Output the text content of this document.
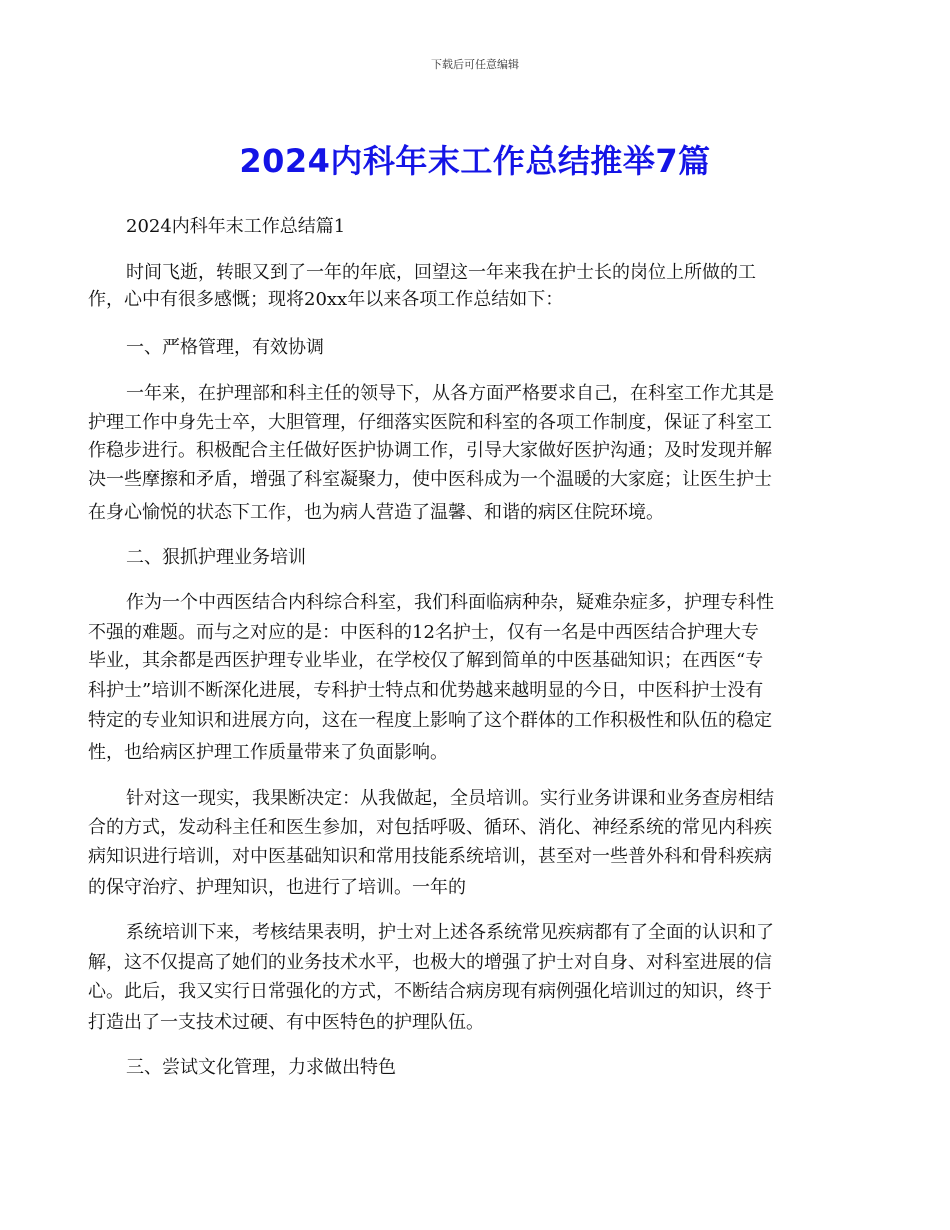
下载后可任意编辑
2024内科年末工作总结推举7篇
2024内科年末工作总结篇1
时间飞逝，转眼又到了一年的年底，回望这一年来我在护士长的岗位上所做的工
作，心中有很多感慨；现将20xx年以来各项工作总结如下：
一、严格管理，有效协调
一年来，在护理部和科主任的领导下，从各方面严格要求自己，在科室工作尤其是
护理工作中身先士卒，大胆管理，仔细落实医院和科室的各项工作制度，保证了科室工
作稳步进行。积极配合主任做好医护协调工作，引导大家做好医护沟通；及时发现并解
决一些摩擦和矛盾，增强了科室凝聚力，使中医科成为一个温暖的大家庭；让医生护士
在身心愉悦的状态下工作，也为病人营造了温馨、和谐的病区住院环境。
二、狠抓护理业务培训
作为一个中西医结合内科综合科室，我们科面临病种杂，疑难杂症多，护理专科性
不强的难题。而与之对应的是：中医科的12名护士，仅有一名是中西医结合护理大专
毕业，其余都是西医护理专业毕业，在学校仅了解到简单的中医基础知识；在西医“专
科护士”培训不断深化进展，专科护士特点和优势越来越明显的今日，中医科护士没有
特定的专业知识和进展方向，这在一程度上影响了这个群体的工作积极性和队伍的稳定
性，也给病区护理工作质量带来了负面影响。
针对这一现实，我果断决定：从我做起，全员培训。实行业务讲课和业务查房相结
合的方式，发动科主任和医生参加，对包括呼吸、循环、消化、神经系统的常见内科疾
病知识进行培训，对中医基础知识和常用技能系统培训，甚至对一些普外科和骨科疾病
的保守治疗、护理知识，也进行了培训。一年的
系统培训下来，考核结果表明，护士对上述各系统常见疾病都有了全面的认识和了
解，这不仅提高了她们的业务技术水平，也极大的增强了护士对自身、对科室进展的信
心。此后，我又实行日常强化的方式，不断结合病房现有病例强化培训过的知识，终于
打造出了一支技术过硬、有中医特色的护理队伍。
三、尝试文化管理，力求做出特色
